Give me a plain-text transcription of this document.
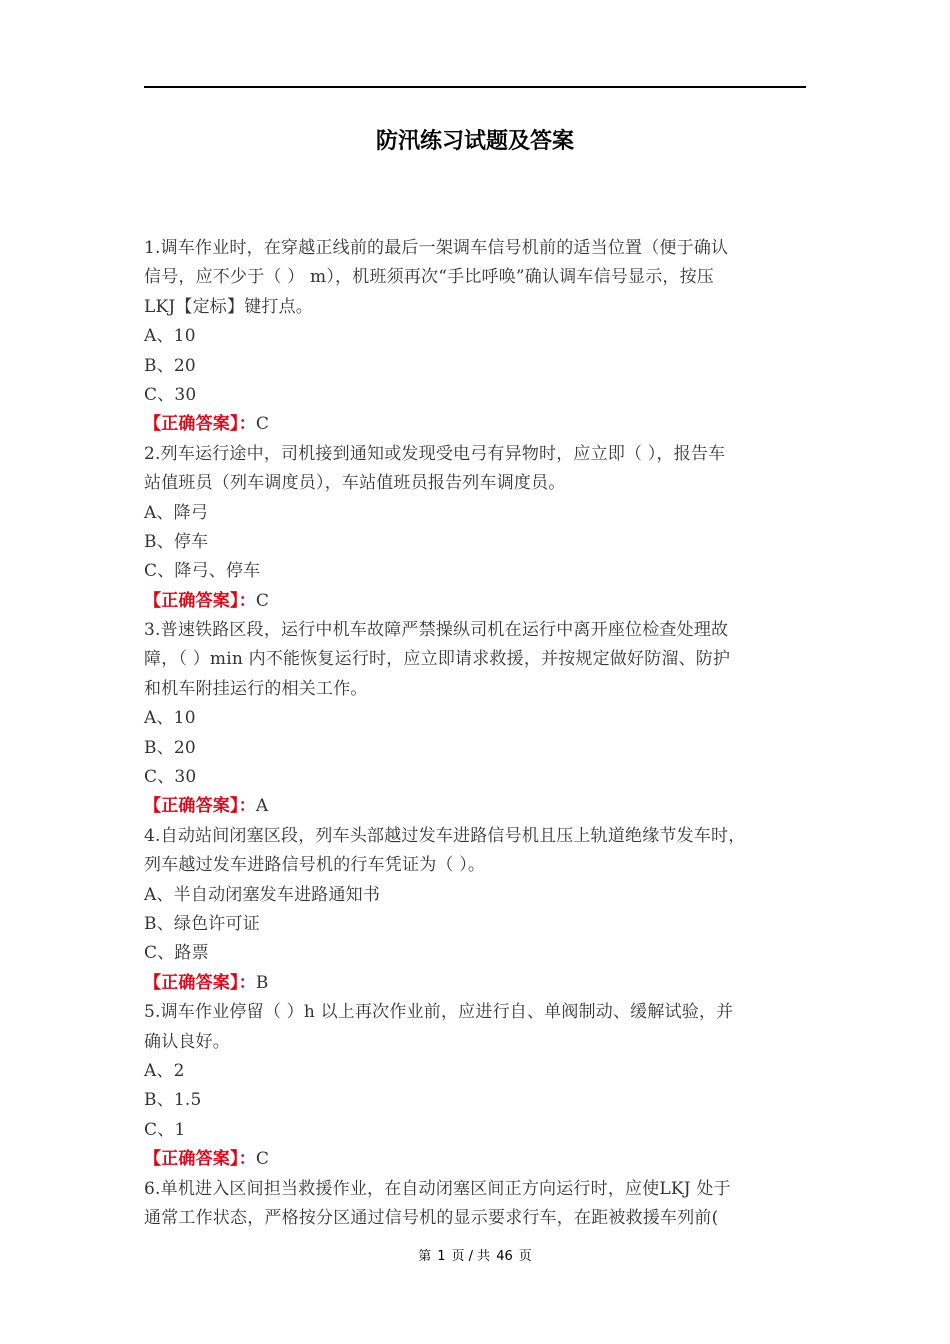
防汛练习试题及答案
1.调车作业时，在穿越正线前的最后一架调车信号机前的适当位置（便于确认
信号，应不少于（ ） m），机班须再次“手比呼唤”确认调车信号显示，按压
LKJ【定标】键打点。
A、10
B、20
C、30
【正确答案】：C
2.列车运行途中，司机接到通知或发现受电弓有异物时，应立即（ ），报告车
站值班员（列车调度员），车站值班员报告列车调度员。
A、降弓
B、停车
C、降弓、停车
【正确答案】：C
3.普速铁路区段，运行中机车故障严禁操纵司机在运行中离开座位检查处理故
障，（ ）min 内不能恢复运行时，应立即请求救援，并按规定做好防溜、防护
和机车附挂运行的相关工作。
A、10
B、20
C、30
【正确答案】：A
4.自动站间闭塞区段，列车头部越过发车进路信号机且压上轨道绝缘节发车时，
列车越过发车进路信号机的行车凭证为（ ）。
A、半自动闭塞发车进路通知书
B、绿色许可证
C、路票
【正确答案】：B
5.调车作业停留（ ）h 以上再次作业前，应进行自、单阀制动、缓解试验，并
确认良好。
A、2
B、1.5
C、1
【正确答案】：C
6.单机进入区间担当救援作业，在自动闭塞区间正方向运行时，应使LKJ 处于
通常工作状态，严格按分区通过信号机的显示要求行车，在距被救援车列前(
第 1 页 / 共 46 页
